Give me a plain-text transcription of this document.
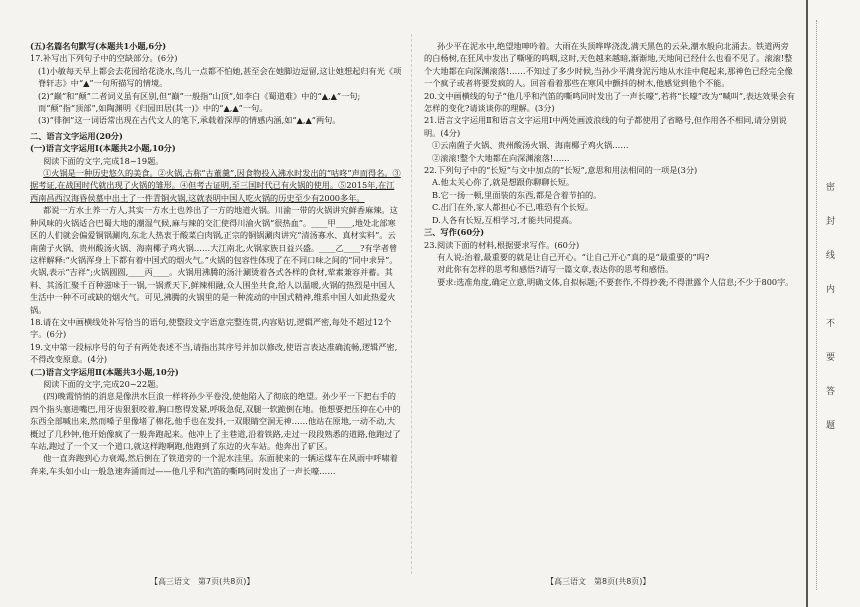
(五)名篇名句默写(本题共1小题,6分)

17.补写出下列句子中的空缺部分。(6分)

(1)小敏每天早上都会去花园给花浇水,鸟儿一点都不怕她,甚至会在她脚边逗留,这让她想起归有光《项脊轩志》中“▲”一句所描写的情境。

(2)“巅”和“颠”二者词义虽有区别,但“巅”一般指“山顶”,如李白《蜀道难》中的“▲,▲”一句;而“颠”指“顶部”,如陶渊明《归园田居(其一)》中的“▲,▲”一句。

(3)“徘徊”这一词语常出现在古代文人的笔下,承载着深厚的情感内涵,如“▲,▲”两句。

二、语言文字运用(20分)

(一)语言文字运用Ⅰ(本题共2小题,10分)

阅读下面的文字,完成18~19题。

①火锅是一种历史悠久的美食。②火锅,古称“古董羹”,因食物投入沸水时发出的“咕咚”声而得名。③据考证,在战国时代就出现了火锅的雏形。④但考古证明,至三国时代已有火锅的使用。⑤2015年,在江西南昌西汉海昏侯墓中出土了一件青铜火锅,这就表明中国人吃火锅的历史至少有2000多年。

都说一方水土养一方人,其实一方水土也养出了一方的地道火锅。川渝一带的火锅讲究鲜香麻辣。这种风味的火锅适合巴蜀大地的潮湿气候,麻与辣的交汇使得川渝火锅“很热血”。____甲____,地处北部寒区的人们就会偏爱铜锅涮肉,东北人热衷于酸菜白肉锅,正宗的铜锅涮肉讲究“清汤寡水、真材实料”。云南菌子火锅、贵州酸汤火锅、海南椰子鸡火锅……大江南北,火锅家族日益兴盛。____乙____?有学者曾这样解释:“火锅浑身上下都有着中国式的烟火气。”火锅的包容性体现了在不同口味之间的“同中求异”。火锅,表示“吉祥”;火锅圆圆,____丙____。火锅用沸腾的汤汁涮烫着各式各样的食材,荤素兼容并蓄。其料、其汤汇聚千百种滋味于一锅,一锅煮天下,鲜辣相融,众人围坐共食,给人以温暖,火锅的热烈是中国人生活中一种不可或缺的烟火气。可见,沸腾的火锅里的是一种流动的中国式精神,维系中国人如此热爱火锅。

18.请在文中画横线处补写恰当的语句,使整段文字语意完整连贯,内容贴切,逻辑严密,每处不超过12个字。(6分)

19.文中第一段标序号的句子有两处表述不当,请指出其序号并加以修改,使语言表达准确流畅,逻辑严密,不得改变原意。(4分)

(二)语言文字运用Ⅱ(本题共3小题,10分)

阅读下面的文字,完成20~22题。

(四)晚霞悄悄的消息是像洪水巨浪一样将孙少平卷没,使他陷入了彻底的绝望。孙少平一下把右手的四个指头塞进嘴巴,用牙齿狠狠咬着,胸口憋得发紧,呼吸急促,双腿一软跪倒在地。他想要把压抑在心中的东西全部喊出来,然而嗓子里像堵了棉花,他手也在发抖,一双眼睛空洞无神……他站在原地,一动不动,大概过了几秒钟,他开始像疯了一般奔跑起来。他冲上了主巷道,沿着铁路,走过一段段熟悉的道路,他跑过了车站,跑过了一个又一个道口,就这样跑啊跑,他跑到了东边的火车站。他奔出了矿区。

他一直奔跑到心力衰竭,然后倒在了铁道旁的一个泥水洼里。东面驶来的一辆运煤车在风雨中呼啸着奔来,车头如小山一般急速奔涌而过——他几乎和汽笛的嘶鸣同时发出了一声长嚎……

孙少平在泥水中,绝望地呻吟着。大雨在头顶哗哗浇泼,满天黑色的云朵,潮水般向北涌去。铁道两旁的白杨树,在狂风中发出了嘶哑的呜咽,这时,天色越来越暗,渐渐地,天地间已经什么也看不见了。滚滚!整个大地都在向深渊滚落!……不知过了多少时候,当孙少平满身泥污地从水洼中爬起来,那神色已经完全像一个疯子或者将要发疯的人。回首看着那些在寒风中颤抖的树木,他感觉到他个不能。

20.文中画横线的句子“他几乎和汽笛的嘶鸣同时发出了一声长嚎”,若将“长嚎”改为“喊叫”,表达效果会有怎样的变化?请谈谈你的理解。(3分)

21.语言文字运用Ⅱ和语言文字运用Ⅰ中两处画波浪线的句子都使用了省略号,但作用各不相同,请分别说明。(4分)

①云南菌子火锅、贵州酸汤火锅、海南椰子鸡火锅……

②滚滚!整个大地都在向深渊滚落!……

22.下列句子中的“长短”与文中加点的“长短”,意思和用法相同的一项是(3分)

A.他太关心你了,就是想跟你聊聊长短。

B.它一扬一顿,里面装的东西,都是合着节拍的。

C.出门在外,家人都担心不已,唯恐有个长短。

D.人各有长短,互相学习,才能共同提高。

三、写作(60分)

23.阅读下面的材料,根据要求写作。(60分)

有人说:治着,最重要的就是让自己开心。“让自己开心”真的是“最重要的”吗?

对此你有怎样的思考和感悟?请写一篇文章,表达你的思考和感悟。

要求:选准角度,确定立意,明确文体,自拟标题;不要套作,不得抄袭;不得泄露个人信息;不少于800字。

【高三语文　第7页(共8页)】	【高三语文　第8页(共8页)】
密
封
线
内
不
要
答
题
